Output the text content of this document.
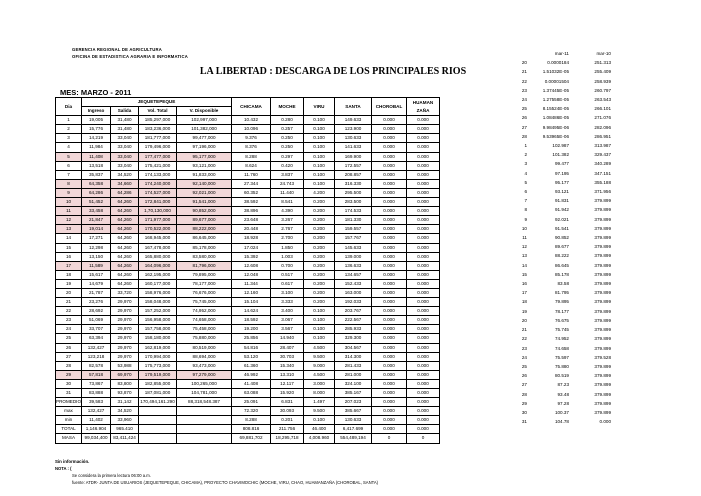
GERENCIA REGIONAL DE AGRICULTURA
OFICINA DE ESTADISTICA AGRARIA E INFORMATICA
LA LIBERTAD : DESCARGA DE LOS PRINCIPALES RIOS
MES: MARZO - 2011
Dia	JEQUETEPEQUE				CHICAMA	MOCHE	VIRU	SANTA	CHOROBAL	HUAMAN
ZAÑA
	Ingreso	Salida	Vol. Total	V. Disponible						
1	19,005	31,480	185,297,000	102,997,000	10.432	0.280	0.100	149.633	0.000	0.000
2	15,776	31,480	183,236,000	101,382,000	10.096	0.257	0.100	123.900	0.000	0.000
3	14,219	33,040	181,777,000	99,477,000	9.376	0.250	0.100	130.633	0.000	0.000
4	11,984	33,040	179,496,000	97,196,000	8.376	0.250	0.100	141.633	0.000	0.000
5	11,408	33,040	177,477,000	95,177,000	8.288	0.297	0.100	169.900	0.000	0.000
6	13,518	33,040	175,421,000	93,121,000	8.624	0.420	0.100	172.557	0.000	0.000
7	35,837	34,520	174,133,000	91,833,000	11.760	3.837	0.100	208.857	0.000	0.000
8	64,358	34,660	174,240,000	92,140,000	27.344	24.743	0.100	316.330	0.000	0.000
9	64,286	64,286	174,527,000	92,021,000	60.352	11.440	4.200	295.500	0.000	0.000
10	51,452	64,260	172,841,000	91,541,000	38.592	8.541	0.200	283.500	0.000	0.000
11	33,458	64,260	1,70,130,000	90,852,000	38.896	4.390	0.200	174.533	0.000	0.000
12	21,847	64,260	171,977,000	89,677,000	23.648	3.267	0.200	181.330	0.000	0.000
13	19,014	64,260	170,522,000	88,222,000	20.448	2.767	0.200	159.557	0.000	0.000
14	17,271	64,260	168,945,000	86,645,000	18.928	2.700	0.200	157.767	0.000	0.000
15	12,298	64,260	167,478,000	85,178,000	17.024	1.850	0.200	145.633	0.000	0.000
16	13,150	64,260	165,880,000	83,580,000	15.392	1.003	0.200	139.000	0.000	0.000
17	11,589	64,260	164,096,000	81,796,000	12.608	0.700	0.200	136.633	0.000	0.000
18	15,617	64,260	162,195,000	79,895,000	12.048	0.517	0.200	134.657	0.000	0.000
19	14,679	64,260	160,177,000	78,177,000	11.344	0.617	0.200	152.433	0.000	0.000
20	21,787	33,720	158,976,000	76,676,000	12.160	3.100	0.200	163.000	0.000	0.000
21	23,276	29,970	158,048,000	75,745,000	15.104	3.333	0.200	192.033	0.000	0.000
22	28,692	29,970	157,252,000	74,952,000	14.624	3.400	0.100	203.767	0.000	0.000
23	51,069	29,970	156,958,000	74,658,000	18.592	3.067	0.100	222.567	0.000	0.000
24	33,707	29,970	157,758,000	75,458,000	19.200	3.567	0.100	285.933	0.000	0.000
25	63,394	29,970	158,180,000	75,880,000	25.856	14.940	0.100	329.300	0.000	0.000
26	132,427	29,970	162,819,000	80,519,000	54.816	28.407	4.500	304.567	0.000	0.000
27	123,218	29,970	170,994,000	88,694,000	53.120	30.703	9.500	314.300	0.000	0.000
28	82,578	53,988	175,773,000	93,473,000	61.360	15.340	9.000	281.433	0.000	0.000
29	57,818	69,970	179,519,000	97,279,000	46.992	13.310	4.500	281.000	0.000	0.000
30	73,867	83,800	182,855,000	100,265,000	41.408	12.117	3.000	324.100	0.000	0.000
31	83,888	93,870	187,081,000	104,781,000	63.088	15.920	8.000	385.167	0.000	0.000
PROMEDIO	39,583	31,142	170,494,161.290	88,318,548.387	25.091	6.831	1.497	207.023	0.000	0.000
max	132,427	34,520			72.320	30.093	9.500	385.667	0.000	0.000
min	11,402	33,960			8.288	0.201	0.100	130.633	0.000	0.000
TOTAL	1,146.904	965.410			808.816	211.756	46.400	6,417.699	0.000	0.000
MASA	99,034,400	83,411,424			69,881,702	18,295,718	4,008.960	554,489,194	0	0
	mar-11	mar-10
20	0.0000184	251.313
21	1.51032E-05	255.409
22	0.00001504	258.939
23	1.37445E-05	260.797
24	1.27558E-05	263.543
25	8.15524E-05	266.101
26	1.08486E-05	271.076
27	9.98495E-06	282.096
28	9.53965E-06	286.951
1	102.987	313.987
2	101.382	329.437
3	99.477	340.289
4	97.195	347.151
5	95.177	355.188
6	93.121	371.956
7	91.831	379.899
8	91.942	379.899
9	92.021	379.899
10	91.541	379.899
11	90.852	379.899
12	89.677	379.899
13	88.222	379.899
14	86.645	379.899
15	85.178	379.899
16	83.58	379.899
17	81.795	379.899
18	79.895	379.899
19	78.177	379.899
20	76.675	379.899
21	75.745	379.899
22	74.952	379.899
23	74.658	379.899
24	75.597	379.528
25	75.880	379.899
26	80.519	379.899
27	87.23	379.899
28	93.48	379.899
29	97.28	379.899
30	100.37	379.899
31	104.78	0.000
Sin información.
NOTA : (
Se considera la primera lectura 06:00 a.m.
fuente: ATDR- JUNTA DE USUARIOS (JEQUETEPEQUE, CHICAMA), PROYECTO CHAVIMOCHIC (MOCHE, VIRU, CHAO, HUAMANZAÑA (CHOROBAL, SANTA)
